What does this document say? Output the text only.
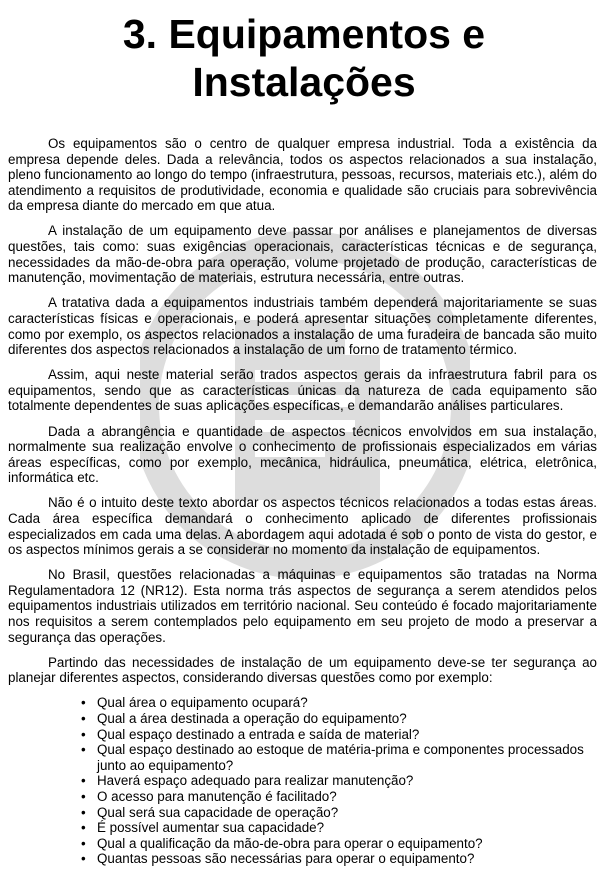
3. Equipamentos e
Instalações

Os equipamentos são o centro de qualquer empresa industrial. Toda a existência da empresa depende deles. Dada a relevância, todos os aspectos relacionados a sua instalação, pleno funcionamento ao longo do tempo (infraestrutura, pessoas, recursos, materiais etc.), além do atendimento a requisitos de produtividade, economia e qualidade são cruciais para sobrevivência da empresa diante do mercado em que atua.

A instalação de um equipamento deve passar por análises e planejamentos de diversas questões, tais como: suas exigências operacionais, características técnicas e de segurança, necessidades da mão-de-obra para operação, volume projetado de produção, características de manutenção, movimentação de materiais, estrutura necessária, entre outras.

A tratativa dada a equipamentos industriais também dependerá majoritariamente se suas características físicas e operacionais, e poderá apresentar situações completamente diferentes, como por exemplo, os aspectos relacionados a instalação de uma furadeira de bancada são muito diferentes dos aspectos relacionados a instalação de um forno de tratamento térmico.

Assim, aqui neste material serão trados aspectos gerais da infraestrutura fabril para os equipamentos, sendo que as características únicas da natureza de cada equipamento são totalmente dependentes de suas aplicações específicas, e demandarão análises particulares.

Dada a abrangência e quantidade de aspectos técnicos envolvidos em sua instalação, normalmente sua realização envolve o conhecimento de profissionais especializados em várias áreas específicas, como por exemplo, mecânica, hidráulica, pneumática, elétrica, eletrônica, informática etc.

Não é o intuito deste texto abordar os aspectos técnicos relacionados a todas estas áreas. Cada área específica demandará o conhecimento aplicado de diferentes profissionais especializados em cada uma delas. A abordagem aqui adotada é sob o ponto de vista do gestor, e os aspectos mínimos gerais a se considerar no momento da instalação de equipamentos.

No Brasil, questões relacionadas a máquinas e equipamentos são tratadas na Norma Regulamentadora 12 (NR12). Esta norma trás aspectos de segurança a serem atendidos pelos equipamentos industriais utilizados em território nacional. Seu conteúdo é focado majoritariamente nos requisitos a serem contemplados pelo equipamento em seu projeto de modo a preservar a segurança das operações.

Partindo das necessidades de instalação de um equipamento deve-se ter segurança ao planejar diferentes aspectos, considerando diversas questões como por exemplo:

• Qual área o equipamento ocupará?
• Qual a área destinada a operação do equipamento?
• Qual espaço destinado a entrada e saída de material?
• Qual espaço destinado ao estoque de matéria-prima e componentes processados junto ao equipamento?
• Haverá espaço adequado para realizar manutenção?
• O acesso para manutenção é facilitado?
• Qual será sua capacidade de operação?
• É possível aumentar sua capacidade?
• Qual a qualificação da mão-de-obra para operar o equipamento?
• Quantas pessoas são necessárias para operar o equipamento?
